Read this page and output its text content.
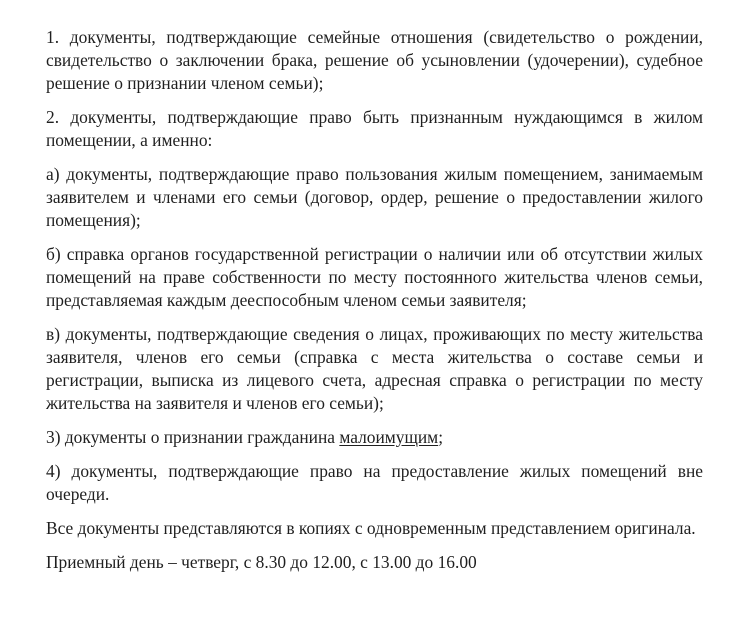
1. документы, подтверждающие семейные отношения (свидетельство о рождении, свидетельство о заключении брака, решение об усыновлении (удочерении), судебное решение о признании членом семьи);

2. документы, подтверждающие право быть признанным нуждающимся в жилом помещении, а именно:

а) документы, подтверждающие право пользования жилым помещением, занимаемым заявителем и членами его семьи (договор, ордер, решение о предоставлении жилого помещения);

б) справка органов государственной регистрации о наличии или об отсутствии жилых помещений на праве собственности по месту постоянного жительства членов семьи, представляемая каждым дееспособным членом семьи заявителя;

в) документы, подтверждающие сведения о лицах, проживающих по месту жительства заявителя, членов его семьи (справка с места жительства о составе семьи и регистрации, выписка из лицевого счета, адресная справка о регистрации по месту жительства на заявителя и членов его семьи);

3) документы о признании гражданина малоимущим;

4) документы, подтверждающие право на предоставление жилых помещений вне очереди.

Все документы представляются в копиях с одновременным представлением оригинала.

Приемный день – четверг, с 8.30 до 12.00, с 13.00 до 16.00
